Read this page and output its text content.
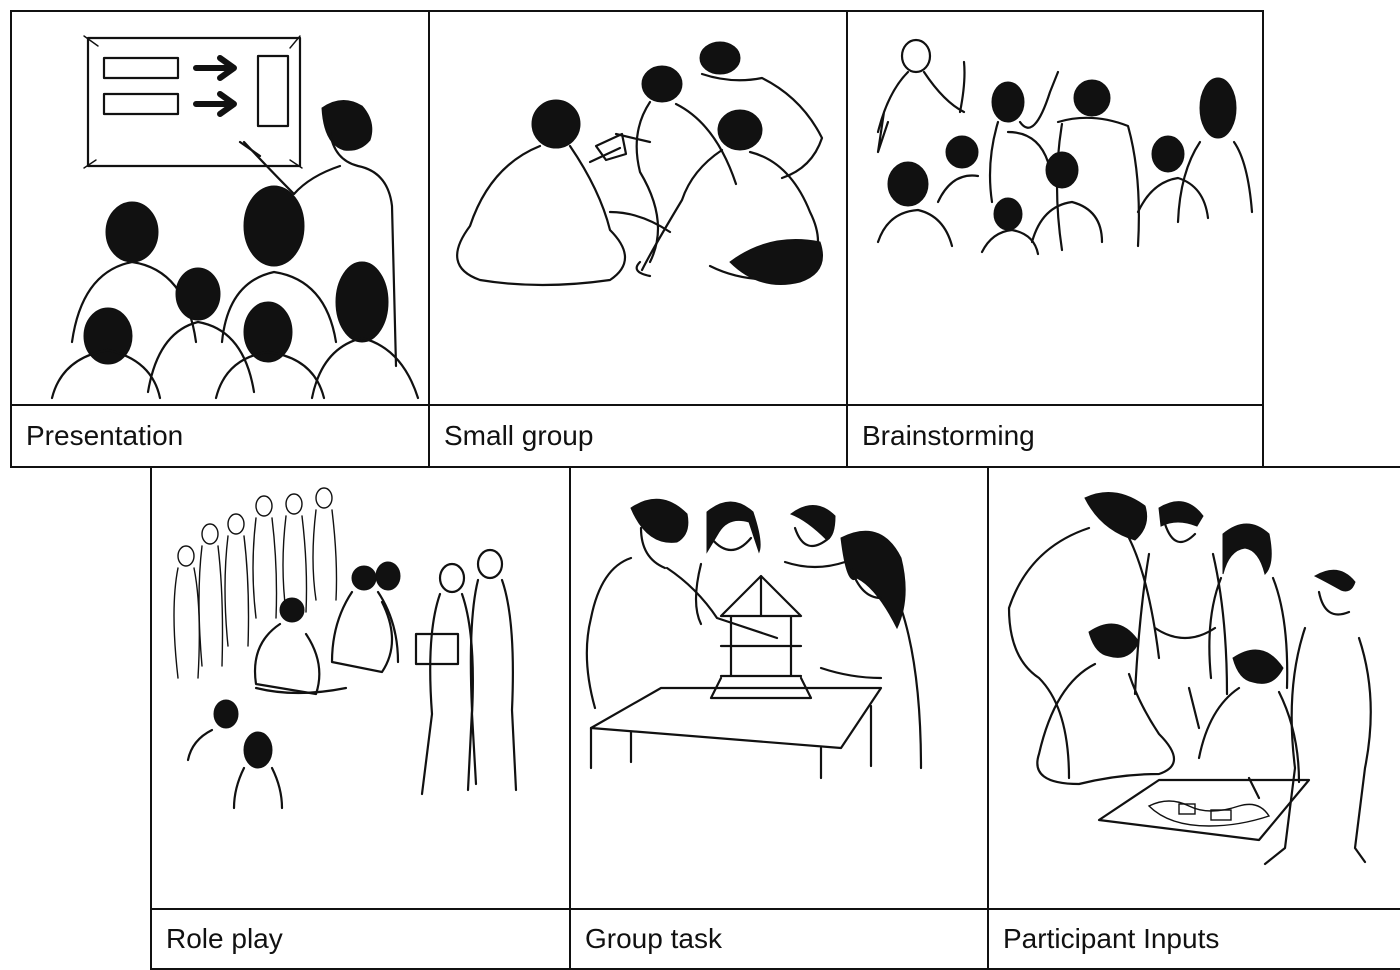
Presentation	Small group	Brainstorming
Role play	Group task	Participant Inputs
